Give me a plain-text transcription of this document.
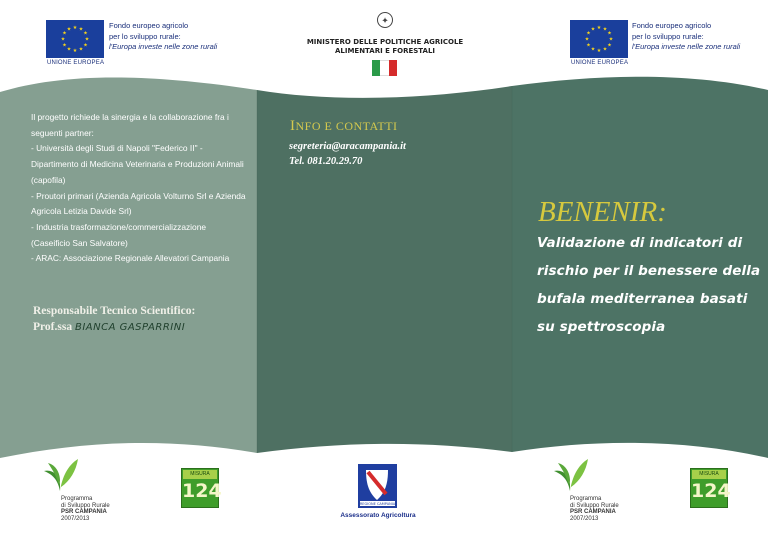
★ ★
★
★
★
★
★
★
★
★
★
★	Fondo europeo agricolo
per lo sviluppo rurale:
l'Europa investe nelle zone rurali
UNIONE EUROPEA
✦
MINISTERO DELLE POLITICHE AGRICOLE
ALIMENTARI E FORESTALI
★ ★
★
★
★
★
★
★
★
★
★
★	Fondo europeo agricolo
per lo sviluppo rurale:
l'Europa investe nelle zone rurali
UNIONE EUROPEA
Il progetto richiede la sinergia e la collaborazione fra i seguenti partner:
- Università degli Studi di Napoli "Federico II" - Dipartimento di Medicina Veterinaria e Produzioni Animali (capofila)
- Proutori primari (Azienda Agricola Volturno Srl e Azienda Agricola Letizia Davide Srl)
- Industria trasformazione/commercializzazione (Caseificio San Salvatore)
- ARAC: Associazione Regionale Allevatori Campania
Responsabile Tecnico Scientifico:
Prof.ssa BIANCA GASPARRINI
INFO E CONTATTI
segreteria@aracampania.it
Tel. 081.20.29.70
BENENIR:
Validazione di indicatori di rischio per il benessere della bufala mediterranea basati su spettroscopia
Programma
di Sviluppo Rurale
PSR CAMPANIA
2007/2013
MISURA
124
REGIONE CAMPANIA
Assessorato Agricoltura
Programma
di Sviluppo Rurale
PSR CAMPANIA
2007/2013
MISURA
124
